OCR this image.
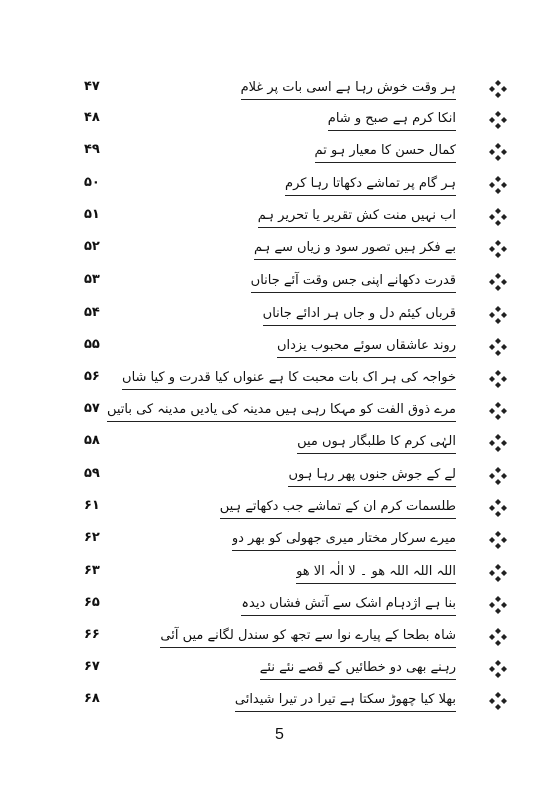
ہر وقت خوش رہا ہے اسی بات پر غلام
۴۷
انکا کرم ہے صبح و شام
۴۸
کمال حسن کا معیار ہو تم
۴۹
ہر گام پر تماشے دکھاتا رہا کرم
۵۰
اب نہیں منت کش تقریر یا تحریر ہم
۵۱
بے فکر ہیں تصور سود و زیاں سے ہم
۵۲
قدرت دکھانے اپنی جس وقت آئے جاناں
۵۳
قرباں کیئم دل و جاں ہر ادائے جاناں
۵۴
روند عاشقاں سوئے محبوب یزداں
۵۵
خواجہ کی ہر اک بات محبت کا ہے عنواں کیا قدرت و کیا شاں
۵۶
مرے ذوق الفت کو مہکا رہی ہیں مدینہ کی یادیں مدینہ کی باتیں
۵۷
الہٰی کرم کا طلبگار ہوں میں
۵۸
لے کے جوش جنوں پھر رہا ہوں
۵۹
طلسمات کرم ان کے تماشے جب دکھاتے ہیں
۶۱
میرے سرکار مختار میری جھولی کو بھر دو
۶۲
اللہ اللہ اللہ ھو ۔ لا الٰہ الا ھو
۶۳
بنا ہے اژدہام اشک سے آتش فشاں دیدہ
۶۵
شاہ بطحا کے پیارے نوا سے تجھ کو سندل لگانے میں آئی
۶۶
رہنے بھی دو خطائیں کے قصے نئے نئے
۶۷
بھلا کیا چھوڑ سکتا ہے تیرا در تیرا شیدائی
۶۸
5
